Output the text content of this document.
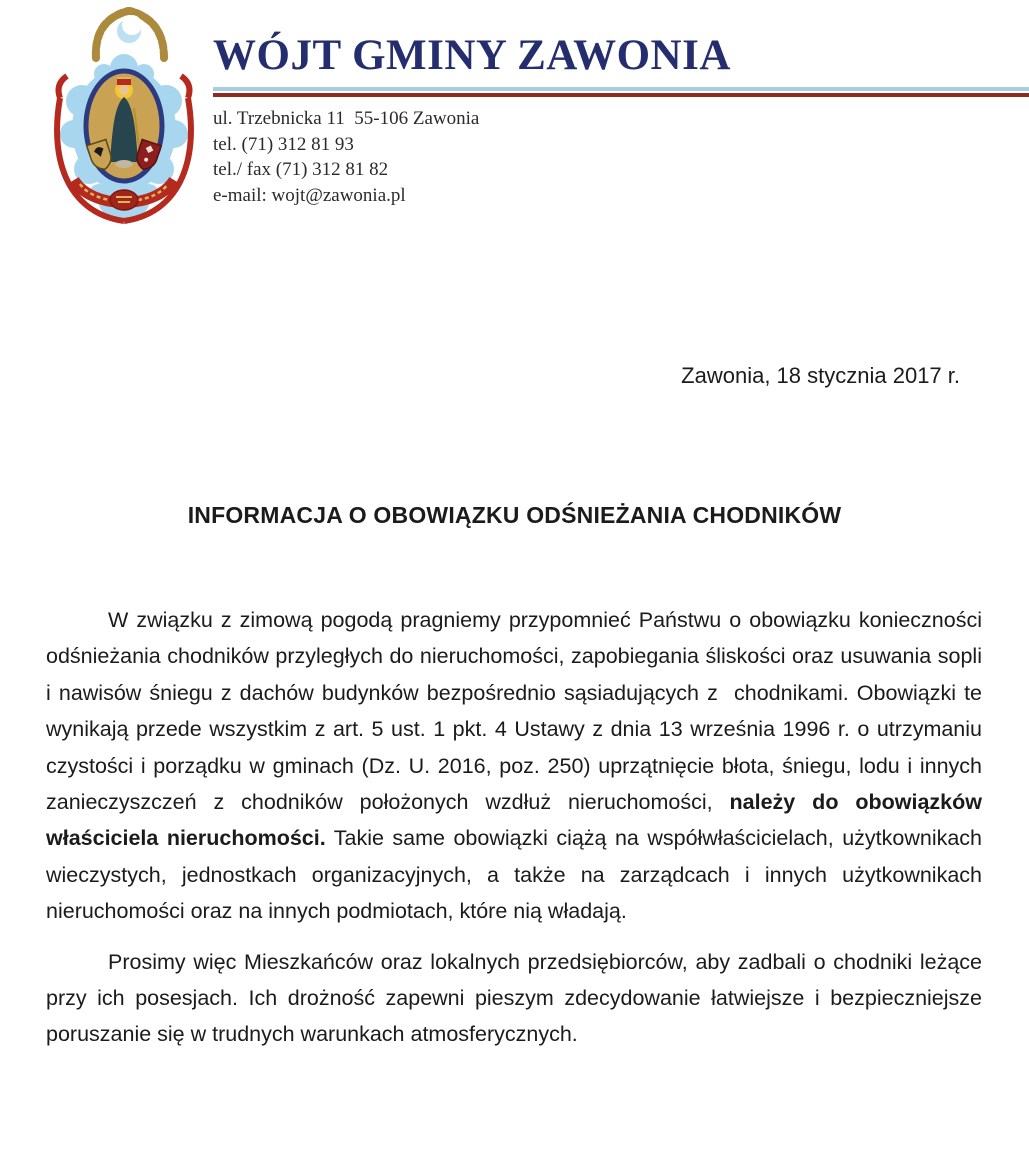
WÓJT GMINY ZAWONIA
ul. Trzebnicka 11  55-106 Zawonia
tel. (71) 312 81 93
tel./ fax (71) 312 81 82
e-mail: wojt@zawonia.pl
Zawonia, 18 stycznia 2017 r.
INFORMACJA O OBOWIĄZKU ODŚNIEŻANIA CHODNIKÓW

W związku z zimową pogodą pragniemy przypomnieć Państwu o obowiązku konieczności odśnieżania chodników przyległych do nieruchomości, zapobiegania śliskości oraz usuwania sopli i nawisów śniegu z dachów budynków bezpośrednio sąsiadujących z  chodnikami. Obowiązki te wynikają przede wszystkim z art. 5 ust. 1 pkt. 4 Ustawy z dnia 13 września 1996 r. o utrzymaniu czystości i porządku w gminach (Dz. U. 2016, poz. 250) uprzątnięcie błota, śniegu, lodu i innych zanieczyszczeń z chodników położonych wzdłuż nieruchomości, należy do obowiązków właściciela nieruchomości. Takie same obowiązki ciążą na współwłaścicielach, użytkownikach wieczystych, jednostkach organizacyjnych, a także na zarządcach i innych użytkownikach nieruchomości oraz na innych podmiotach, które nią władają.

Prosimy więc Mieszkańców oraz lokalnych przedsiębiorców, aby zadbali o chodniki leżące przy ich posesjach. Ich drożność zapewni pieszym zdecydowanie łatwiejsze i bezpieczniejsze poruszanie się w trudnych warunkach atmosferycznych.
